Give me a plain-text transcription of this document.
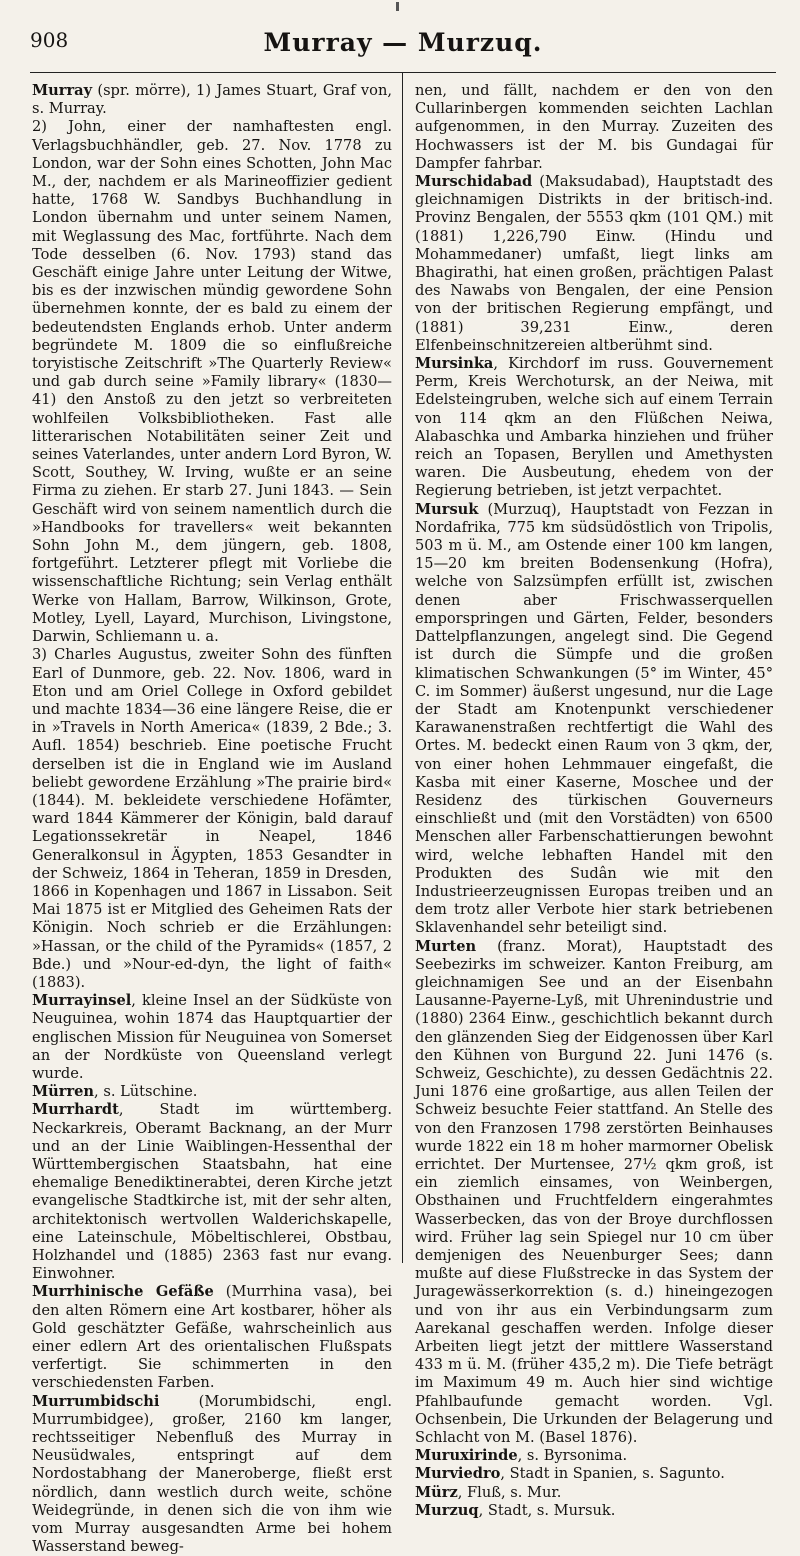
908	Murray — Murzuq.

Murray (spr. mörre), 1) James Stuart, Graf von, s. Murray.

2) John, einer der namhaftesten engl. Verlagsbuchhändler, geb. 27. Nov. 1778 zu London, war der Sohn eines Schotten, John Mac M., der, nachdem er als Marineoffizier gedient hatte, 1768 W. Sandbys Buchhandlung in London übernahm und unter seinem Namen, mit Weglassung des Mac, fortführte. Nach dem Tode desselben (6. Nov. 1793) stand das Geschäft einige Jahre unter Leitung der Witwe, bis es der inzwischen mündig gewordene Sohn übernehmen konnte, der es bald zu einem der bedeutendsten Englands erhob. Unter anderm begründete M. 1809 die so einflußreiche toryistische Zeitschrift »The Quarterly Review« und gab durch seine »Family library« (1830—41) den Anstoß zu den jetzt so verbreiteten wohlfeilen Volksbibliotheken. Fast alle litterarischen Notabilitäten seiner Zeit und seines Vaterlandes, unter andern Lord Byron, W. Scott, Southey, W. Irving, wußte er an seine Firma zu ziehen. Er starb 27. Juni 1843. — Sein Geschäft wird von seinem namentlich durch die »Handbooks for travellers« weit bekannten Sohn John M., dem jüngern, geb. 1808, fortgeführt. Letzterer pflegt mit Vorliebe die wissenschaftliche Richtung; sein Verlag enthält Werke von Hallam, Barrow, Wilkinson, Grote, Motley, Lyell, Layard, Murchison, Livingstone, Darwin, Schliemann u. a.

3) Charles Augustus, zweiter Sohn des fünften Earl of Dunmore, geb. 22. Nov. 1806, ward in Eton und am Oriel College in Oxford gebildet und machte 1834—36 eine längere Reise, die er in »Travels in North America« (1839, 2 Bde.; 3. Aufl. 1854) beschrieb. Eine poetische Frucht derselben ist die in England wie im Ausland beliebt gewordene Erzählung »The prairie bird« (1844). M. bekleidete verschiedene Hofämter, ward 1844 Kämmerer der Königin, bald darauf Legationssekretär in Neapel, 1846 Generalkonsul in Ägypten, 1853 Gesandter in der Schweiz, 1864 in Teheran, 1859 in Dresden, 1866 in Kopenhagen und 1867 in Lissabon. Seit Mai 1875 ist er Mitglied des Geheimen Rats der Königin. Noch schrieb er die Erzählungen: »Hassan, or the child of the Pyramids« (1857, 2 Bde.) und »Nour-ed-dyn, the light of faith« (1883).

Murrayinsel, kleine Insel an der Südküste von Neuguinea, wohin 1874 das Hauptquartier der englischen Mission für Neuguinea von Somerset an der Nordküste von Queensland verlegt wurde.

Mürren, s. Lütschine.

Murrhardt, Stadt im württemberg. Neckarkreis, Oberamt Backnang, an der Murr und an der Linie Waiblingen-Hessenthal der Württembergischen Staatsbahn, hat eine ehemalige Benediktinerabtei, deren Kirche jetzt evangelische Stadtkirche ist, mit der sehr alten, architektonisch wertvollen Walderichskapelle, eine Lateinschule, Möbeltischlerei, Obstbau, Holzhandel und (1885) 2363 fast nur evang. Einwohner.

Murrhinische Gefäße (Murrhina vasa), bei den alten Römern eine Art kostbarer, höher als Gold geschätzter Gefäße, wahrscheinlich aus einer edlern Art des orientalischen Flußspats verfertigt. Sie schimmerten in den verschiedensten Farben.

Murrumbidschi (Morumbidschi, engl. Murrumbidgee), großer, 2160 km langer, rechtsseitiger Nebenfluß des Murray in Neusüdwales, entspringt auf dem Nordostabhang der Maneroberge, fließt erst nördlich, dann westlich durch weite, schöne Weidegründe, in denen sich die von ihm wie vom Murray ausgesandten Arme bei hohem Wasserstand beweg-

nen, und fällt, nachdem er den von den Cullarinbergen kommenden seichten Lachlan aufgenommen, in den Murray. Zuzeiten des Hochwassers ist der M. bis Gundagai für Dampfer fahrbar.

Murschidabad (Maksudabad), Hauptstadt des gleichnamigen Distrikts in der britisch-ind. Provinz Bengalen, der 5553 qkm (101 QM.) mit (1881) 1,226,790 Einw. (Hindu und Mohammedaner) umfaßt, liegt links am Bhagirathi, hat einen großen, prächtigen Palast des Nawabs von Bengalen, der eine Pension von der britischen Regierung empfängt, und (1881) 39,231 Einw., deren Elfenbeinschnitzereien altberühmt sind.

Mursinka, Kirchdorf im russ. Gouvernement Perm, Kreis Werchotursk, an der Neiwa, mit Edelsteingruben, welche sich auf einem Terrain von 114 qkm an den Flüßchen Neiwa, Alabaschka und Ambarka hinziehen und früher reich an Topasen, Beryllen und Amethysten waren. Die Ausbeutung, ehedem von der Regierung betrieben, ist jetzt verpachtet.

Mursuk (Murzuq), Hauptstadt von Fezzan in Nordafrika, 775 km südsüdöstlich von Tripolis, 503 m ü. M., am Ostende einer 100 km langen, 15—20 km breiten Bodensenkung (Hofra), welche von Salzsümpfen erfüllt ist, zwischen denen aber Frischwasserquellen emporspringen und Gärten, Felder, besonders Dattelpflanzungen, angelegt sind. Die Gegend ist durch die Sümpfe und die großen klimatischen Schwankungen (5° im Winter, 45° C. im Sommer) äußerst ungesund, nur die Lage der Stadt am Knotenpunkt verschiedener Karawanenstraßen rechtfertigt die Wahl des Ortes. M. bedeckt einen Raum von 3 qkm, der, von einer hohen Lehmmauer eingefaßt, die Kasba mit einer Kaserne, Moschee und der Residenz des türkischen Gouverneurs einschließt und (mit den Vorstädten) von 6500 Menschen aller Farbenschattierungen bewohnt wird, welche lebhaften Handel mit den Produkten des Sudân wie mit den Industrieerzeugnissen Europas treiben und an dem trotz aller Verbote hier stark betriebenen Sklavenhandel sehr beteiligt sind.

Murten (franz. Morat), Hauptstadt des Seebezirks im schweizer. Kanton Freiburg, am gleichnamigen See und an der Eisenbahn Lausanne-Payerne-Lyß, mit Uhrenindustrie und (1880) 2364 Einw., geschichtlich bekannt durch den glänzenden Sieg der Eidgenossen über Karl den Kühnen von Burgund 22. Juni 1476 (s. Schweiz, Geschichte), zu dessen Gedächtnis 22. Juni 1876 eine großartige, aus allen Teilen der Schweiz besuchte Feier stattfand. An Stelle des von den Franzosen 1798 zerstörten Beinhauses wurde 1822 ein 18 m hoher marmorner Obelisk errichtet. Der Murtensee, 27½ qkm groß, ist ein ziemlich einsames, von Weinbergen, Obsthainen und Fruchtfeldern eingerahmtes Wasserbecken, das von der Broye durchflossen wird. Früher lag sein Spiegel nur 10 cm über demjenigen des Neuenburger Sees; dann mußte auf diese Flußstrecke in das System der Juragewässerkorrektion (s. d.) hineingezogen und von ihr aus ein Verbindungsarm zum Aarekanal geschaffen werden. Infolge dieser Arbeiten liegt jetzt der mittlere Wasserstand 433 m ü. M. (früher 435,2 m). Die Tiefe beträgt im Maximum 49 m. Auch hier sind wichtige Pfahlbaufunde gemacht worden. Vgl. Ochsenbein, Die Urkunden der Belagerung und Schlacht von M. (Basel 1876).

Muruxirinde, s. Byrsonima.

Murviedro, Stadt in Spanien, s. Sagunto.

Mürz, Fluß, s. Mur.

Murzuq, Stadt, s. Mursuk.
